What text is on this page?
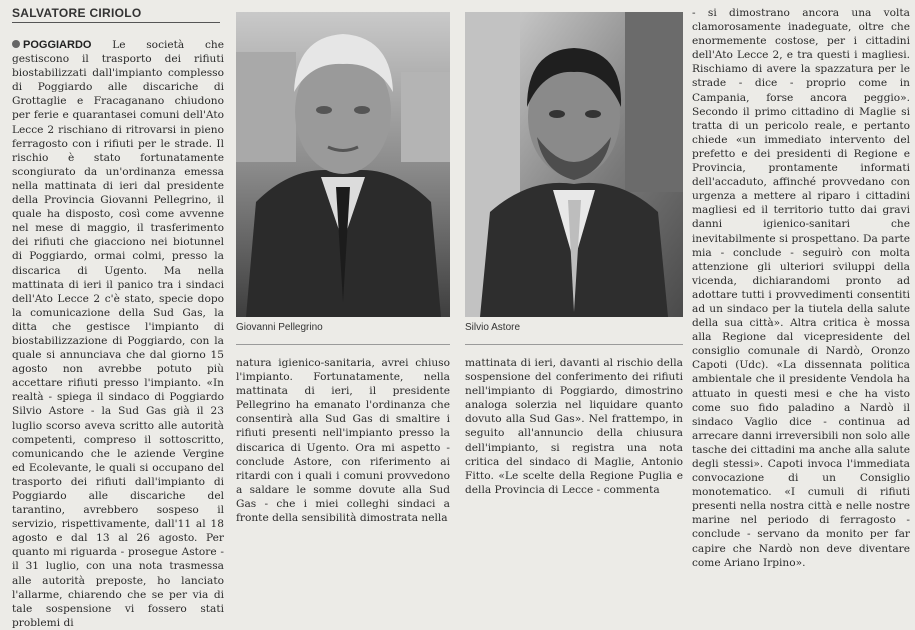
SALVATORE CIRIOLO

POGGIARDO Le società che gestiscono il trasporto dei rifiuti biostabilizzati dall'impianto complesso di Poggiardo alle discariche di Grottaglie e Fracaganano chiudono per ferie e quarantasei comuni dell'Ato Lecce 2 rischiano di ritrovarsi in pieno ferragosto con i rifiuti per le strade. Il rischio è stato fortunatamente scongiurato da un'ordinanza emessa nella mattinata di ieri dal presidente della Provincia Giovanni Pellegrino, il quale ha disposto, così come avvenne nel mese di maggio, il trasferimento dei rifiuti che giacciono nei biotunnel di Poggiardo, ormai colmi, presso la discarica di Ugento. Ma nella mattinata di ieri il panico tra i sindaci dell'Ato Lecce 2 c'è stato, specie dopo la comunicazione della Sud Gas, la ditta che gestisce l'impianto di biostabilizzazione di Poggiardo, con la quale si annunciava che dal giorno 15 agosto non avrebbe potuto più accettare rifiuti presso l'impianto. «In realtà - spiega il sindaco di Poggiardo Silvio Astore - la Sud Gas già il 23 luglio scorso aveva scritto alle autorità competenti, compreso il sottoscritto, comunicando che le aziende Vergine ed Ecolevante, le quali si occupano del trasporto dei rifiuti dall'impianto di Poggiardo alle discariche del tarantino, avrebbero sospeso il servizio, rispettivamente, dall'11 al 18 agosto e dal 13 al 26 agosto. Per quanto mi riguarda - prosegue Astore - il 31 luglio, con una nota trasmessa alle autorità preposte, ho lanciato l'allarme, chiarendo che se per via di tale sospensione vi fossero stati problemi di

Giovanni Pellegrino	Silvio Astore

natura igienico-sanitaria, avrei chiuso l'impianto. Fortunatamente, nella mattinata di ieri, il presidente Pellegrino ha emanato l'ordinanza che consentirà alla Sud Gas di smaltire i rifiuti presenti nell'impianto presso la discarica di Ugento. Ora mi aspetto - conclude Astore, con riferimento ai ritardi con i quali i comuni provvedono a saldare le somme dovute alla Sud Gas - che i miei colleghi sindaci a fronte della sensibilità dimostrata nella

mattinata di ieri, davanti al rischio della sospensione del conferimento dei rifiuti nell'impianto di Poggiardo, dimostrino analoga solerzia nel liquidare quanto dovuto alla Sud Gas». Nel frattempo, in seguito all'annuncio della chiusura dell'impianto, si registra una nota critica del sindaco di Maglie, Antonio Fitto. «Le scelte della Regione Puglia e della Provincia di Lecce - commenta

- si dimostrano ancora una volta clamorosamente inadeguate, oltre che enormemente costose, per i cittadini dell'Ato Lecce 2, e tra questi i magliesi. Rischiamo di avere la spazzatura per le strade - dice - proprio come in Campania, forse ancora peggio». Secondo il primo cittadino di Maglie si tratta di un pericolo reale, e pertanto chiede «un immediato intervento del prefetto e dei presidenti di Regione e Provincia, prontamente informati dell'accaduto, affinché provvedano con urgenza a mettere al riparo i cittadini magliesi ed il territorio tutto dai gravi danni igienico-sanitari che inevitabilmente si prospettano. Da parte mia - conclude - seguirò con molta attenzione gli ulteriori sviluppi della vicenda, dichiarandomi pronto ad adottare tutti i provvedimenti consentiti ad un sindaco per la tiutela della salute della sua città». Altra critica è mossa alla Regione dal vicepresidente del consiglio comunale di Nardò, Oronzo Capoti (Udc). «La dissennata politica ambientale che il presidente Vendola ha attuato in questi mesi e che ha visto come suo fido paladino a Nardò il sindaco Vaglio dice - continua ad arrecare danni irreversibili non solo alle tasche dei cittadini ma anche alla salute degli stessi». Capoti invoca l'immediata convocazione di un Consiglio monotematico. «I cumuli di rifiuti presenti nella nostra città e nelle nostre marine nel periodo di ferragosto - conclude - servano da monito per far capire che Nardò non deve diventare come Ariano Irpino».
